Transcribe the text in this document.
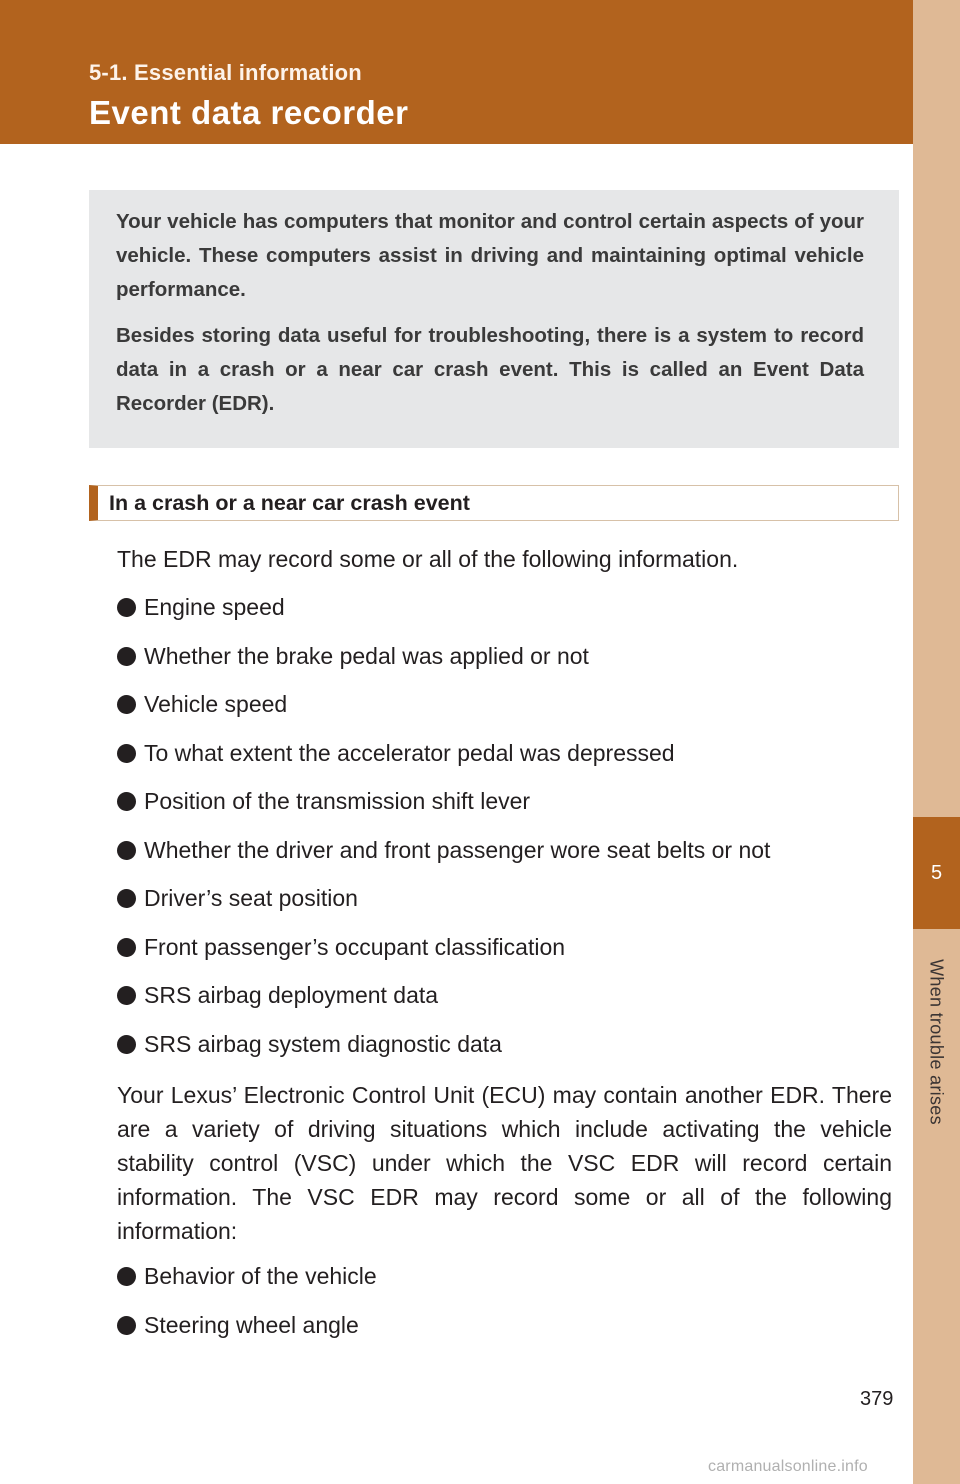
5-1. Essential information
Event data recorder
5
When trouble arises

Your vehicle has computers that monitor and control certain aspects of your vehicle. These computers assist in driving and maintaining optimal vehicle performance.

Besides storing data useful for troubleshooting, there is a system to record data in a crash or a near car crash event. This is called an Event Data Recorder (EDR).

In a crash or a near car crash event
The EDR may record some or all of the following information.
Engine speed
Whether the brake pedal was applied or not
Vehicle speed
To what extent the accelerator pedal was depressed
Position of the transmission shift lever
Whether the driver and front passenger wore seat belts or not
Driver’s seat position
Front passenger’s occupant classification
SRS airbag deployment data
SRS airbag system diagnostic data

Your Lexus’ Electronic Control Unit (ECU) may contain another EDR. There are a variety of driving situations which include activating the vehicle stability control (VSC) under which the VSC EDR will record certain information. The VSC EDR may record some or all of the following information:

Behavior of the vehicle
Steering wheel angle
379
carmanualsonline.info
